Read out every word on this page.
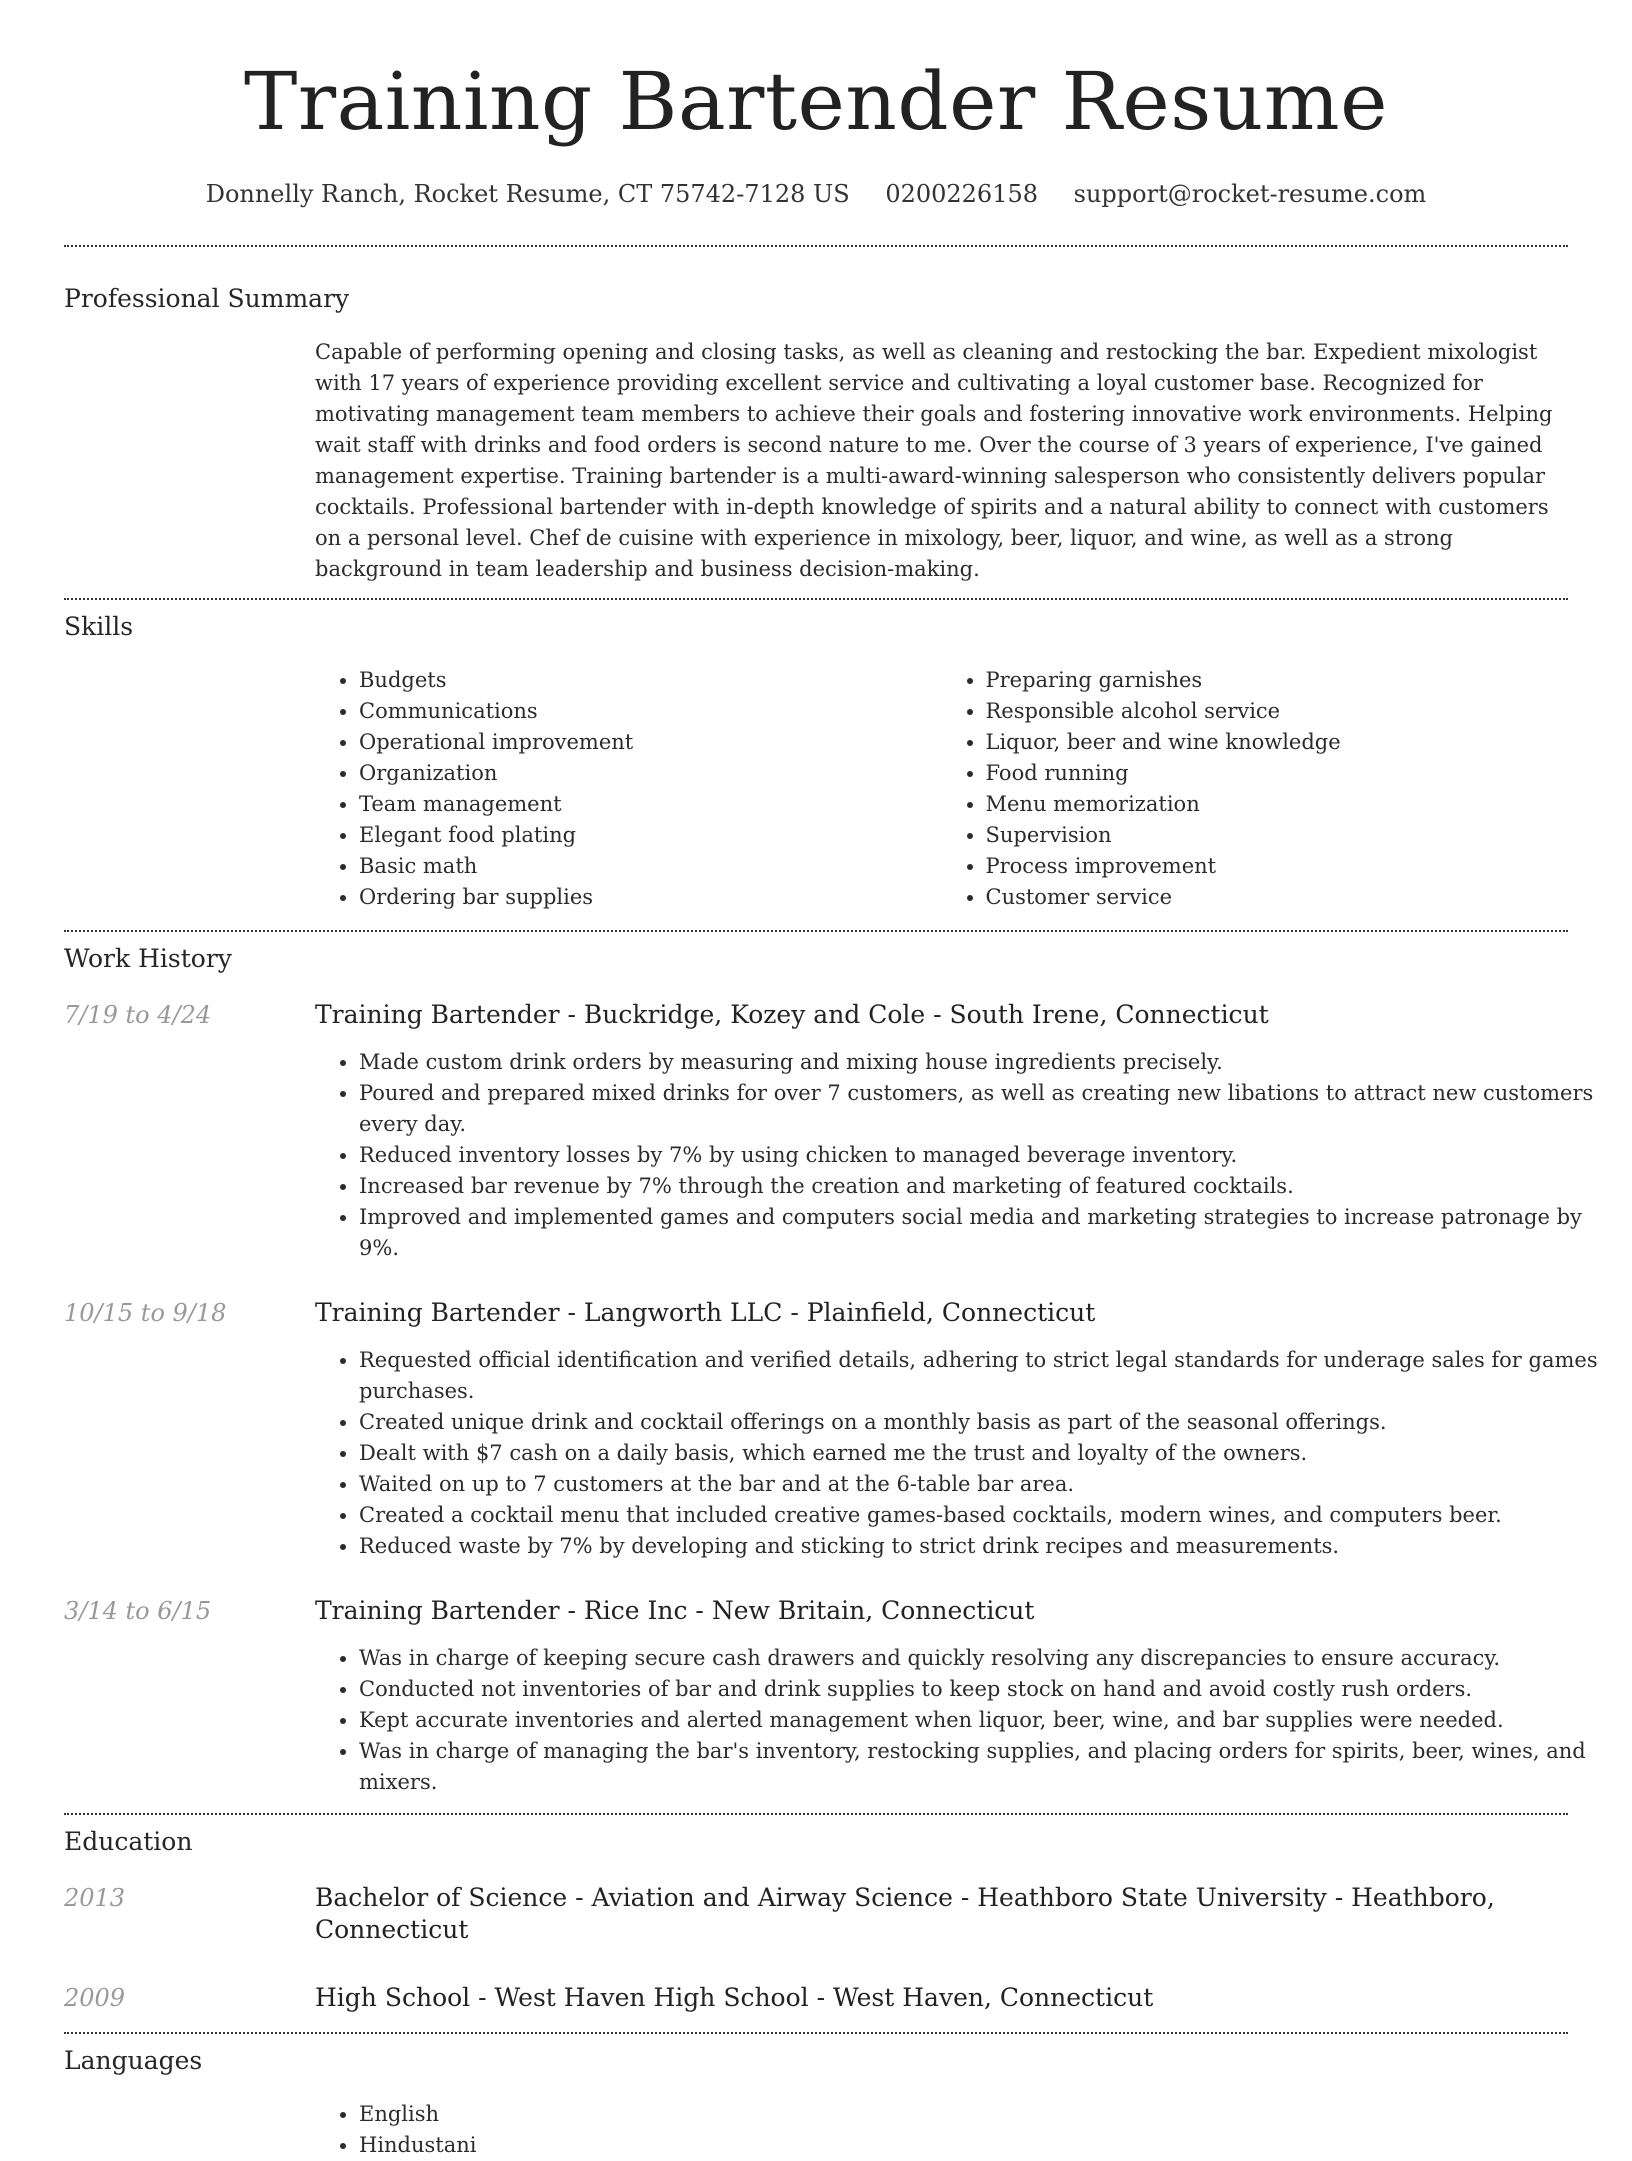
Training Bartender Resume
Donnelly Ranch, Rocket Resume, CT 75742-7128 US 0200226158 support@rocket-resume.com
Professional Summary
Capable of performing opening and closing tasks, as well as cleaning and restocking the bar. Expedient mixologist with 17 years of experience providing excellent service and cultivating a loyal customer base. Recognized for motivating management team members to achieve their goals and fostering innovative work environments. Helping wait staff with drinks and food orders is second nature to me. Over the course of 3 years of experience, I've gained management expertise. Training bartender is a multi-award-winning salesperson who consistently delivers popular cocktails. Professional bartender with in-depth knowledge of spirits and a natural ability to connect with customers on a personal level. Chef de cuisine with experience in mixology, beer, liquor, and wine, as well as a strong background in team leadership and business decision-making.
Skills
• Budgets
• Communications
• Operational improvement
• Organization
• Team management
• Elegant food plating
• Basic math
• Ordering bar supplies
• Preparing garnishes
• Responsible alcohol service
• Liquor, beer and wine knowledge
• Food running
• Menu memorization
• Supervision
• Process improvement
• Customer service
Work History
7/19 to 4/24	Training Bartender - Buckridge, Kozey and Cole - South Irene, Connecticut
• Made custom drink orders by measuring and mixing house ingredients precisely.
• Poured and prepared mixed drinks for over 7 customers, as well as creating new libations to attract new customers every day.
• Reduced inventory losses by 7% by using chicken to managed beverage inventory.
• Increased bar revenue by 7% through the creation and marketing of featured cocktails.
• Improved and implemented games and computers social media and marketing strategies to increase patronage by 9%.
10/15 to 9/18	Training Bartender - Langworth LLC - Plainfield, Connecticut
• Requested official identification and verified details, adhering to strict legal standards for underage sales for games purchases.
• Created unique drink and cocktail offerings on a monthly basis as part of the seasonal offerings.
• Dealt with $7 cash on a daily basis, which earned me the trust and loyalty of the owners.
• Waited on up to 7 customers at the bar and at the 6-table bar area.
• Created a cocktail menu that included creative games-based cocktails, modern wines, and computers beer.
• Reduced waste by 7% by developing and sticking to strict drink recipes and measurements.
3/14 to 6/15	Training Bartender - Rice Inc - New Britain, Connecticut
• Was in charge of keeping secure cash drawers and quickly resolving any discrepancies to ensure accuracy.
• Conducted not inventories of bar and drink supplies to keep stock on hand and avoid costly rush orders.
• Kept accurate inventories and alerted management when liquor, beer, wine, and bar supplies were needed.
• Was in charge of managing the bar's inventory, restocking supplies, and placing orders for spirits, beer, wines, and mixers.
Education
2013	Bachelor of Science - Aviation and Airway Science - Heathboro State University - Heathboro, Connecticut
2009	High School - West Haven High School - West Haven, Connecticut
Languages
• English
• Hindustani
